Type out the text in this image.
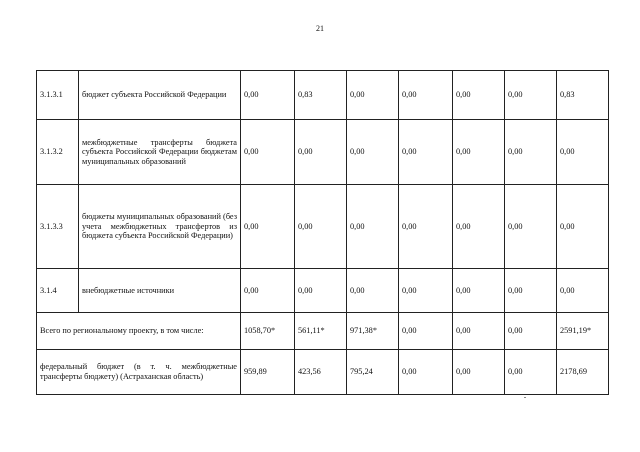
21
3.1.3.1	бюджет субъекта Российской Федерации	0,00	0,83	0,00	0,00	0,00	0,00	0,83
3.1.3.2	межбюджетные трансферты бюджета субъекта Российской Федерации бюджетам муниципальных образований	0,00	0,00	0,00	0,00	0,00	0,00	0,00
3.1.3.3	бюджеты муниципальных образований (без учета межбюджетных трансфертов из бюджета субъекта Российской Федерации)	0,00	0,00	0,00	0,00	0,00	0,00	0,00
3.1.4	внебюджетные источники	0,00	0,00	0,00	0,00	0,00	0,00	0,00
Всего по региональному проекту, в том числе:		1058,70*	561,11*	971,38*	0,00	0,00	0,00	2591,19*
федеральный бюджет (в т. ч. межбюджетные трансферты бюджету) (Астраханская область)		959,89	423,56	795,24	0,00	0,00	0,00	2178,69
